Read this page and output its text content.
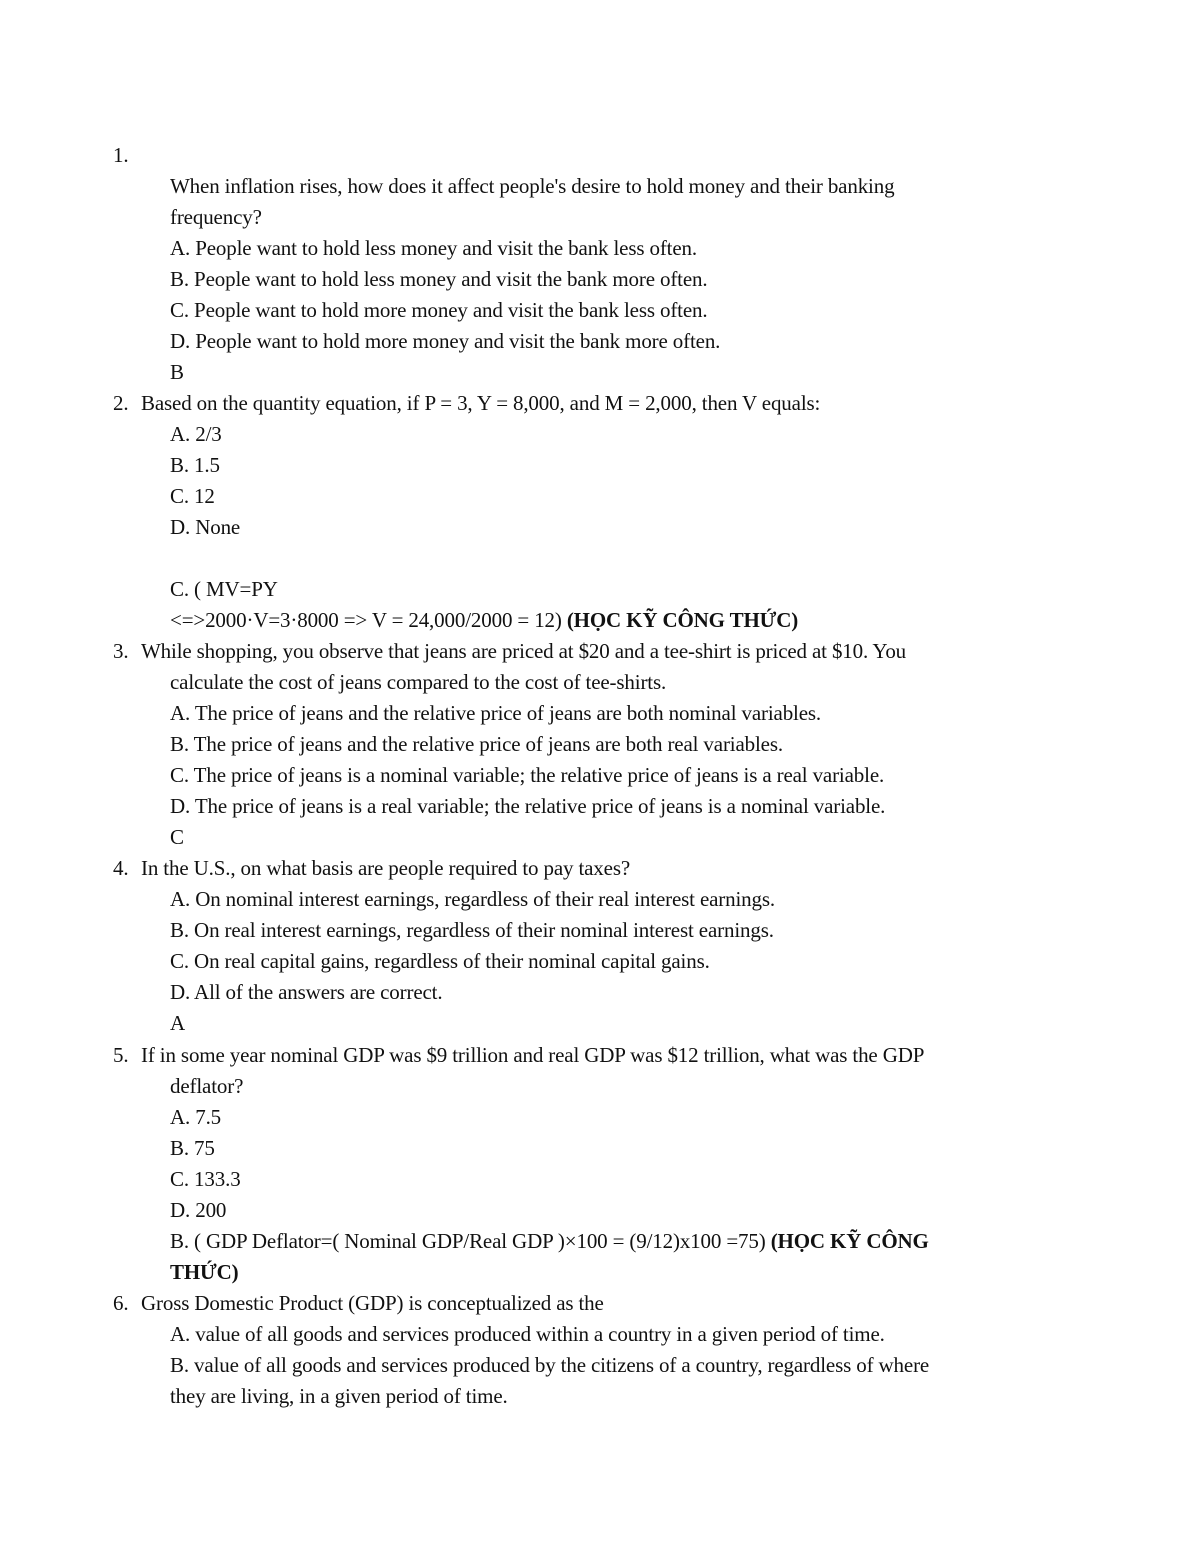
1.
When inflation rises, how does it affect people's desire to hold money and their banking
frequency?
A. People want to hold less money and visit the bank less often.
B. People want to hold less money and visit the bank more often.
C. People want to hold more money and visit the bank less often.
D. People want to hold more money and visit the bank more often.
B
2. Based on the quantity equation, if P = 3, Y = 8,000, and M = 2,000, then V equals:
A. 2/3
B. 1.5
C. 12
D. None
C. ( MV=PY
<=>2000·V=3·8000 => V = 24,000/2000 = 12) (HỌC KỸ CÔNG THỨC)
3. While shopping, you observe that jeans are priced at $20 and a tee-shirt is priced at $10. You
calculate the cost of jeans compared to the cost of tee-shirts.
A. The price of jeans and the relative price of jeans are both nominal variables.
B. The price of jeans and the relative price of jeans are both real variables.
C. The price of jeans is a nominal variable; the relative price of jeans is a real variable.
D. The price of jeans is a real variable; the relative price of jeans is a nominal variable.
C
4. In the U.S., on what basis are people required to pay taxes?
A. On nominal interest earnings, regardless of their real interest earnings.
B. On real interest earnings, regardless of their nominal interest earnings.
C. On real capital gains, regardless of their nominal capital gains.
D. All of the answers are correct.
A
5. If in some year nominal GDP was $9 trillion and real GDP was $12 trillion, what was the GDP
deflator?
A. 7.5
B. 75
C. 133.3
D. 200
B. ( GDP Deflator=( Nominal GDP/Real GDP )×100 = (9/12)x100 =75) (HỌC KỸ CÔNG
THỨC)
6. Gross Domestic Product (GDP) is conceptualized as the
A. value of all goods and services produced within a country in a given period of time.
B. value of all goods and services produced by the citizens of a country, regardless of where
they are living, in a given period of time.
